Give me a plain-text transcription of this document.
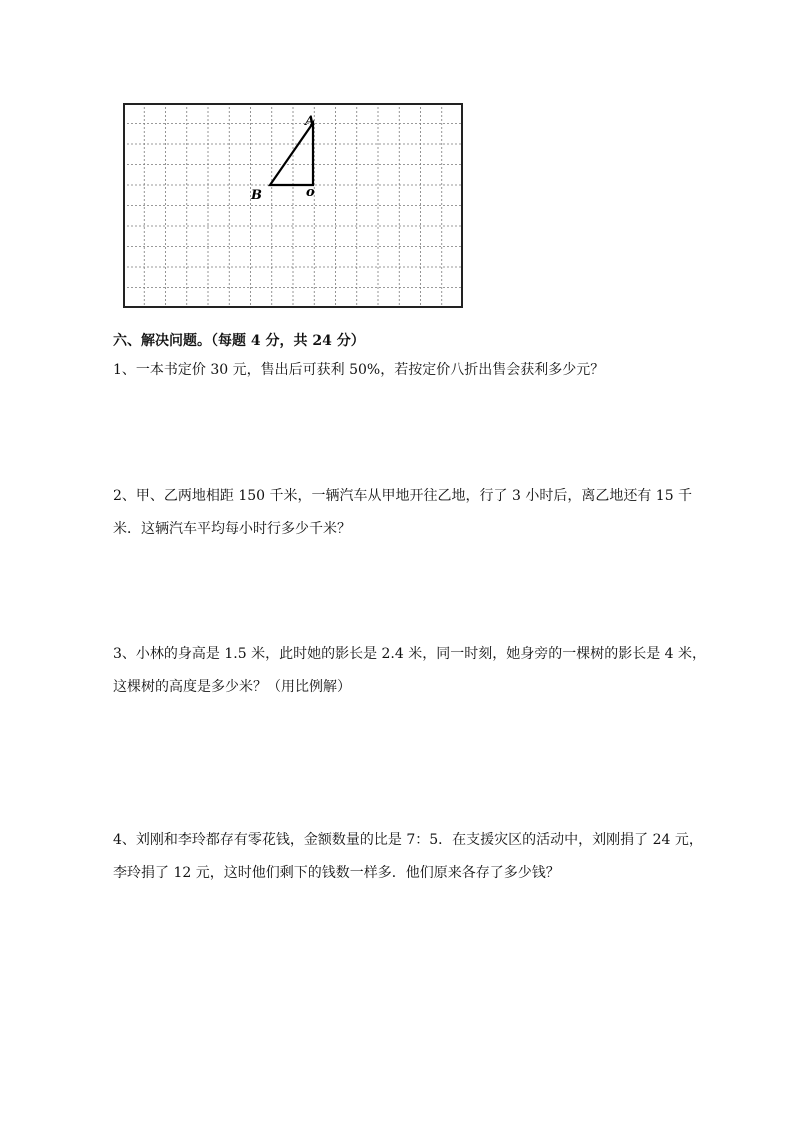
A
B	o
六、解决问题。（每题 4 分，共 24 分）

1、一本书定价 30 元，售出后可获利 50%，若按定价八折出售会获利多少元？

2、甲、乙两地相距 150 千米，一辆汽车从甲地开往乙地，行了 3 小时后，离乙地还有 15 千

米．这辆汽车平均每小时行多少千米？

3、小林的身高是 1.5 米，此时她的影长是 2.4 米，同一时刻，她身旁的一棵树的影长是 4 米，

这棵树的高度是多少米？（用比例解）

4、刘刚和李玲都存有零花钱，金额数量的比是 7：5．在支援灾区的活动中，刘刚捐了 24 元，

李玲捐了 12 元，这时他们剩下的钱数一样多．他们原来各存了多少钱？
